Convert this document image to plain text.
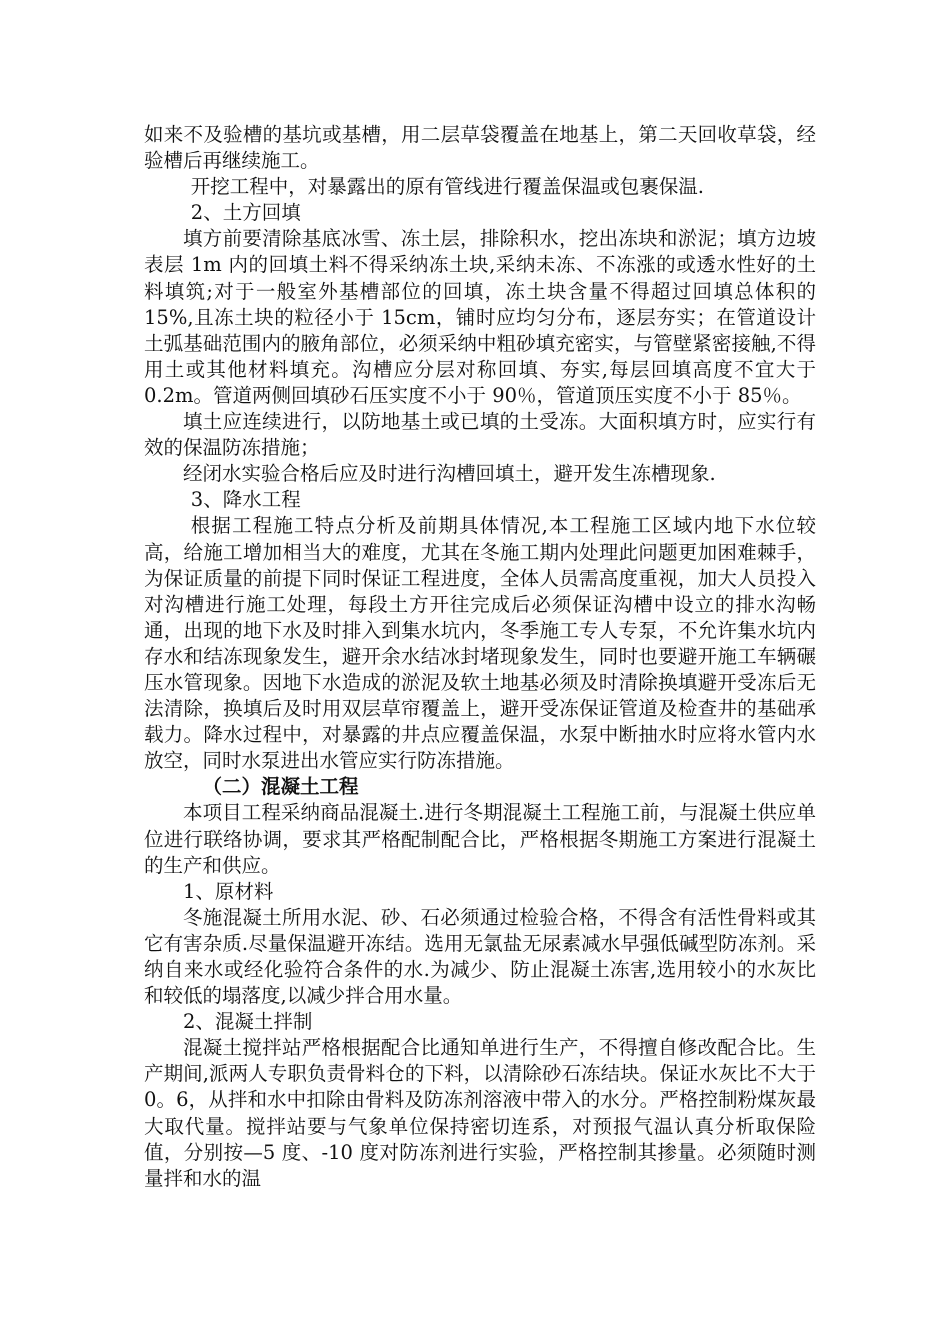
如来不及验槽的基坑或基槽，用二层草袋覆盖在地基上，第二天回收草袋，经验槽后再继续施工。

开挖工程中，对暴露出的原有管线进行覆盖保温或包裹保温.

2、土方回填

填方前要清除基底冰雪、冻土层，排除积水，挖出冻块和淤泥；填方边坡表层 1m 内的回填土料不得采纳冻土块,采纳未冻、不冻涨的或透水性好的土料填筑;对于一般室外基槽部位的回填，冻土块含量不得超过回填总体积的 15%,且冻土块的粒径小于 15cm，铺时应均匀分布，逐层夯实；在管道设计土弧基础范围内的腋角部位，必须采纳中粗砂填充密实，与管壁紧密接触,不得用土或其他材料填充。沟槽应分层对称回填、夯实,每层回填高度不宜大于 0.2m。管道两侧回填砂石压实度不小于 90％，管道顶压实度不小于 85％。

填土应连续进行，以防地基土或已填的土受冻。大面积填方时，应实行有效的保温防冻措施；

经闭水实验合格后应及时进行沟槽回填土，避开发生冻槽现象.

3、降水工程

根据工程施工特点分析及前期具体情况,本工程施工区域内地下水位较高，给施工增加相当大的难度，尤其在冬施工期内处理此问题更加困难棘手，为保证质量的前提下同时保证工程进度，全体人员需高度重视，加大人员投入对沟槽进行施工处理，每段土方开往完成后必须保证沟槽中设立的排水沟畅通，出现的地下水及时排入到集水坑内，冬季施工专人专泵，不允许集水坑内存水和结冻现象发生，避开余水结冰封堵现象发生，同时也要避开施工车辆碾压水管现象。因地下水造成的淤泥及软土地基必须及时清除换填避开受冻后无法清除，换填后及时用双层草帘覆盖上，避开受冻保证管道及检查井的基础承载力。降水过程中，对暴露的井点应覆盖保温，水泵中断抽水时应将水管内水放空，同时水泵进出水管应实行防冻措施。

（二）混凝土工程

本项目工程采纳商品混凝土.进行冬期混凝土工程施工前，与混凝土供应单位进行联络协调，要求其严格配制配合比，严格根据冬期施工方案进行混凝土的生产和供应。

1、原材料

冬施混凝土所用水泥、砂、石必须通过检验合格，不得含有活性骨料或其它有害杂质.尽量保温避开冻结。选用无氯盐无尿素减水早强低碱型防冻剂。采纳自来水或经化验符合条件的水.为减少、防止混凝土冻害,选用较小的水灰比和较低的塌落度,以减少拌合用水量。

2、混凝土拌制

混凝土搅拌站严格根据配合比通知单进行生产，不得擅自修改配合比。生产期间,派两人专职负责骨料仓的下料，以清除砂石冻结块。保证水灰比不大于 0。6，从拌和水中扣除由骨料及防冻剂溶液中带入的水分。严格控制粉煤灰最大取代量。搅拌站要与气象单位保持密切连系，对预报气温认真分析取保险值，分别按—5 度、-10 度对防冻剂进行实验，严格控制其掺量。必须随时测量拌和水的温
